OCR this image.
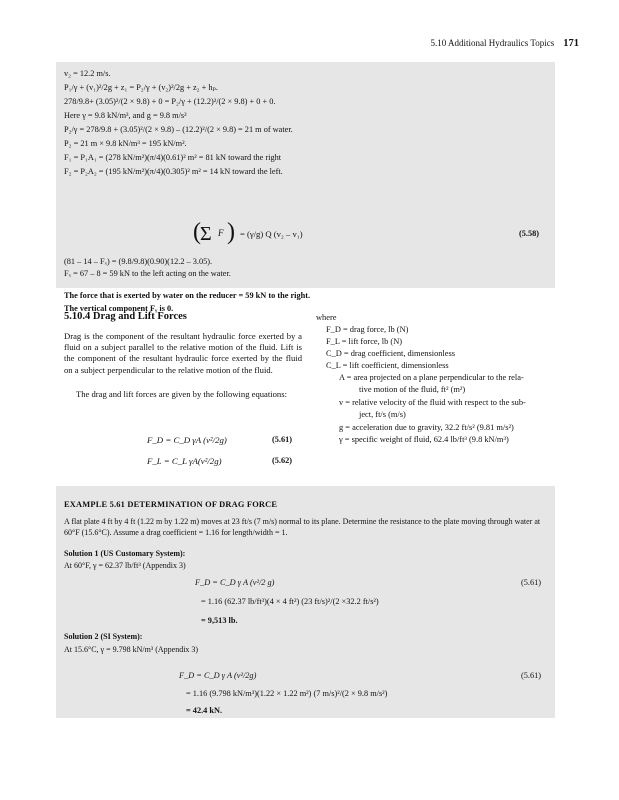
5.10 Additional Hydraulics Topics 171
v₂ = 12.2 m/s.
P₁/γ + (v₁)²/2g + z₁ = P₂/γ + (v₂)²/2g + z₂ + hₚ.
278/9.8+ (3.05)²/(2 × 9.8) + 0 = P₂/γ + (12.2)²/(2 × 9.8) + 0 + 0.
Here γ = 9.8 kN/m³, and g = 9.8 m/s²
P₂/γ = 278/9.8 + (3.05)²/(2 × 9.8) – (12.2)²/(2 × 9.8) = 21 m of water.
P₂ = 21 m × 9.8 kN/m³ = 195 kN/m².
F₁ = P₁A₁ = (278 kN/m²)(π/4)(0.61)² m² = 81 kN toward the right
F₂ = P₂A₂ = (195 kN/m²)(π/4)(0.305)² m² = 14 kN toward the left.
( Σ F ) = (γ/g) Q (v₂ – v₁)	(5.58)
(81 – 14 – Fₓ) = (9.8/9.8)(0.90)(12.2 – 3.05).
Fₓ = 67 – 8 = 59 kN to the left acting on the water.
The force that is exerted by water on the reducer = 59 kN to the right.
The vertical component Fᵧ is 0.
5.10.4 Drag and Lift Forces
Drag is the component of the resultant hydraulic force exerted by a fluid on a subject parallel to the relative motion of the fluid. Lift is the component of the resultant hydraulic force exerted by the fluid on a subject perpendicular to the relative motion of the fluid.
The drag and lift forces are given by the following equations:
F_D = C_D γA (v²/2g)	(5.61)
F_L = C_L γA(v²/2g)	(5.62)
where
F_D = drag force, lb (N)
F_L = lift force, lb (N)
C_D = drag coefficient, dimensionless
C_L = lift coefficient, dimensionless
A = area projected on a plane perpendicular to the rela-
tive motion of the fluid, ft² (m²)
v = relative velocity of the fluid with respect to the sub-
ject, ft/s (m/s)
g = acceleration due to gravity, 32.2 ft/s² (9.81 m/s²)
γ = specific weight of fluid, 62.4 lb/ft³ (9.8 kN/m³)
EXAMPLE 5.61 DETERMINATION OF DRAG FORCE
A flat plate 4 ft by 4 ft (1.22 m by 1.22 m) moves at 23 ft/s (7 m/s) normal to its plane. Determine the resistance to the plate moving through water at 60°F (15.6°C). Assume a drag coefficient = 1.16 for length/width = 1.
Solution 1 (US Customary System):
At 60°F, γ = 62.37 lb/ft³ (Appendix 3)
F_D = C_D γ A (v²/2 g)	(5.61)
= 1.16 (62.37 lb/ft³)(4 × 4 ft²) (23 ft/s)²/(2 ×32.2 ft/s²)
= 9,513 lb.
Solution 2 (SI System):
At 15.6°C, γ = 9.798 kN/m³ (Appendix 3)
F_D = C_D γ A (v²/2g)	(5.61)
= 1.16 (9.798 kN/m³)(1.22 × 1.22 m²) (7 m/s)²/(2 × 9.8 m/s²)
= 42.4 kN.
